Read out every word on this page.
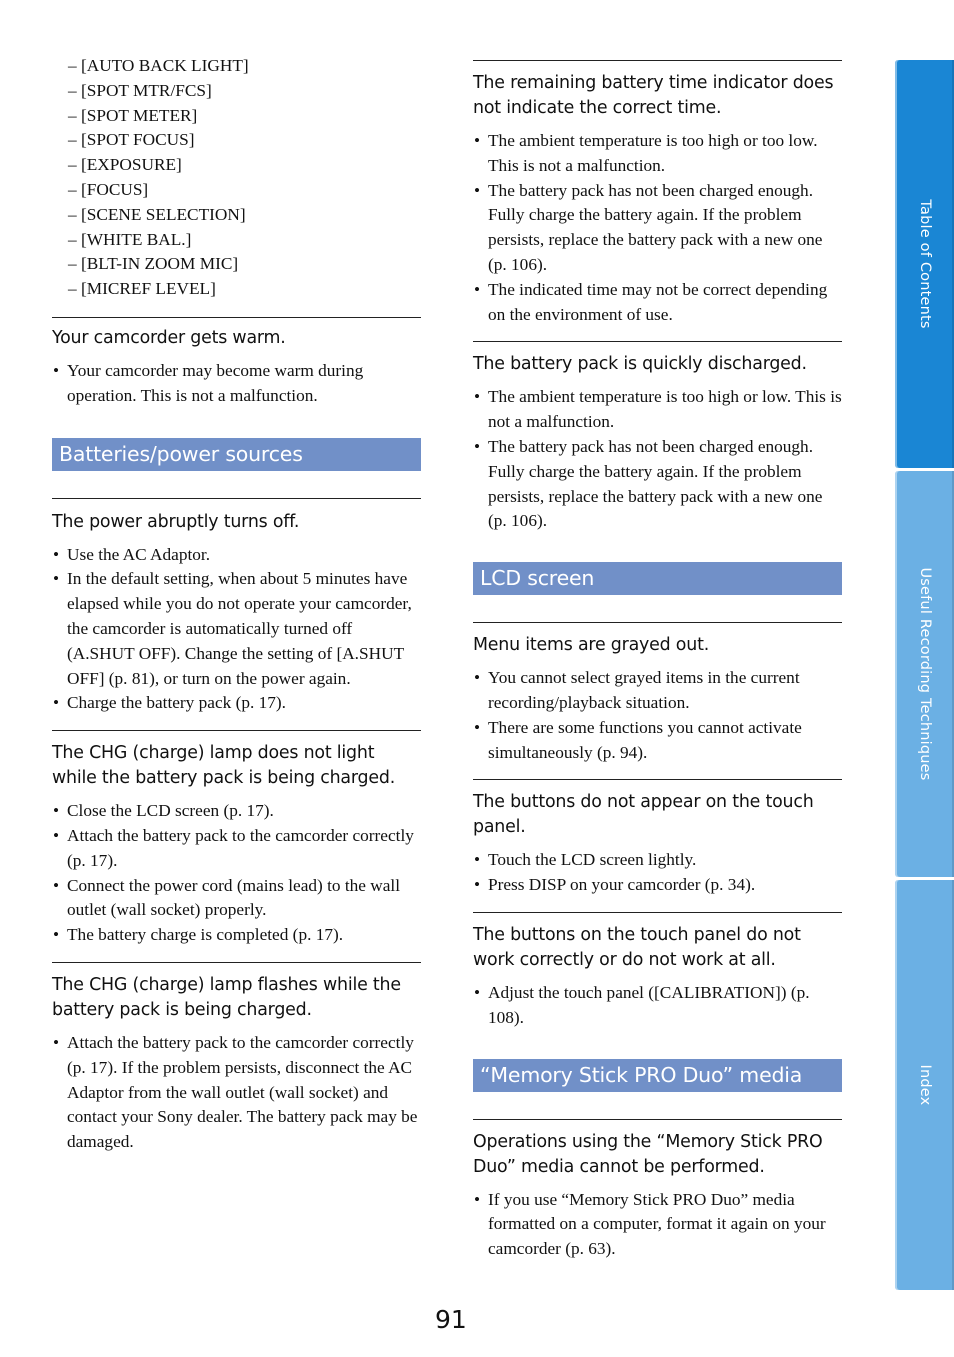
– [AUTO BACK LIGHT]
– [SPOT MTR/FCS]
– [SPOT METER]
– [SPOT FOCUS]
– [EXPOSURE]
– [FOCUS]
– [SCENE SELECTION]
– [WHITE BAL.]
– [BLT-IN ZOOM MIC]
– [MICREF LEVEL]
Your camcorder gets warm.
• Your camcorder may become warm during operation. This is not a malfunction.
Batteries/power sources
The power abruptly turns off.
• Use the AC Adaptor.
• In the default setting, when about 5 minutes have elapsed while you do not operate your camcorder, the camcorder is automatically turned off (A.SHUT OFF). Change the setting of [A.SHUT OFF] (p. 81), or turn on the power again.
• Charge the battery pack (p. 17).
The CHG (charge) lamp does not light while the battery pack is being charged.
• Close the LCD screen (p. 17).
• Attach the battery pack to the camcorder correctly (p. 17).
• Connect the power cord (mains lead) to the wall outlet (wall socket) properly.
• The battery charge is completed (p. 17).
The CHG (charge) lamp flashes while the battery pack is being charged.
• Attach the battery pack to the camcorder correctly (p. 17). If the problem persists, disconnect the AC Adaptor from the wall outlet (wall socket) and contact your Sony dealer. The battery pack may be damaged.
The remaining battery time indicator does not indicate the correct time.
• The ambient temperature is too high or too low. This is not a malfunction.
• The battery pack has not been charged enough. Fully charge the battery again. If the problem persists, replace the battery pack with a new one (p. 106).
• The indicated time may not be correct depending on the environment of use.
The battery pack is quickly discharged.
• The ambient temperature is too high or low. This is not a malfunction.
• The battery pack has not been charged enough. Fully charge the battery again. If the problem persists, replace the battery pack with a new one (p. 106).
LCD screen
Menu items are grayed out.
• You cannot select grayed items in the current recording/playback situation.
• There are some functions you cannot activate simultaneously (p. 94).
The buttons do not appear on the touch panel.
• Touch the LCD screen lightly.
• Press DISP on your camcorder (p. 34).
The buttons on the touch panel do not work correctly or do not work at all.
• Adjust the touch panel ([CALIBRATION]) (p. 108).
“Memory Stick PRO Duo” media
Operations using the “Memory Stick PRO Duo” media cannot be performed.
• If you use “Memory Stick PRO Duo” media formatted on a computer, format it again on your camcorder (p. 63).
Table of Contents
Useful Recording Techniques
Index
91
